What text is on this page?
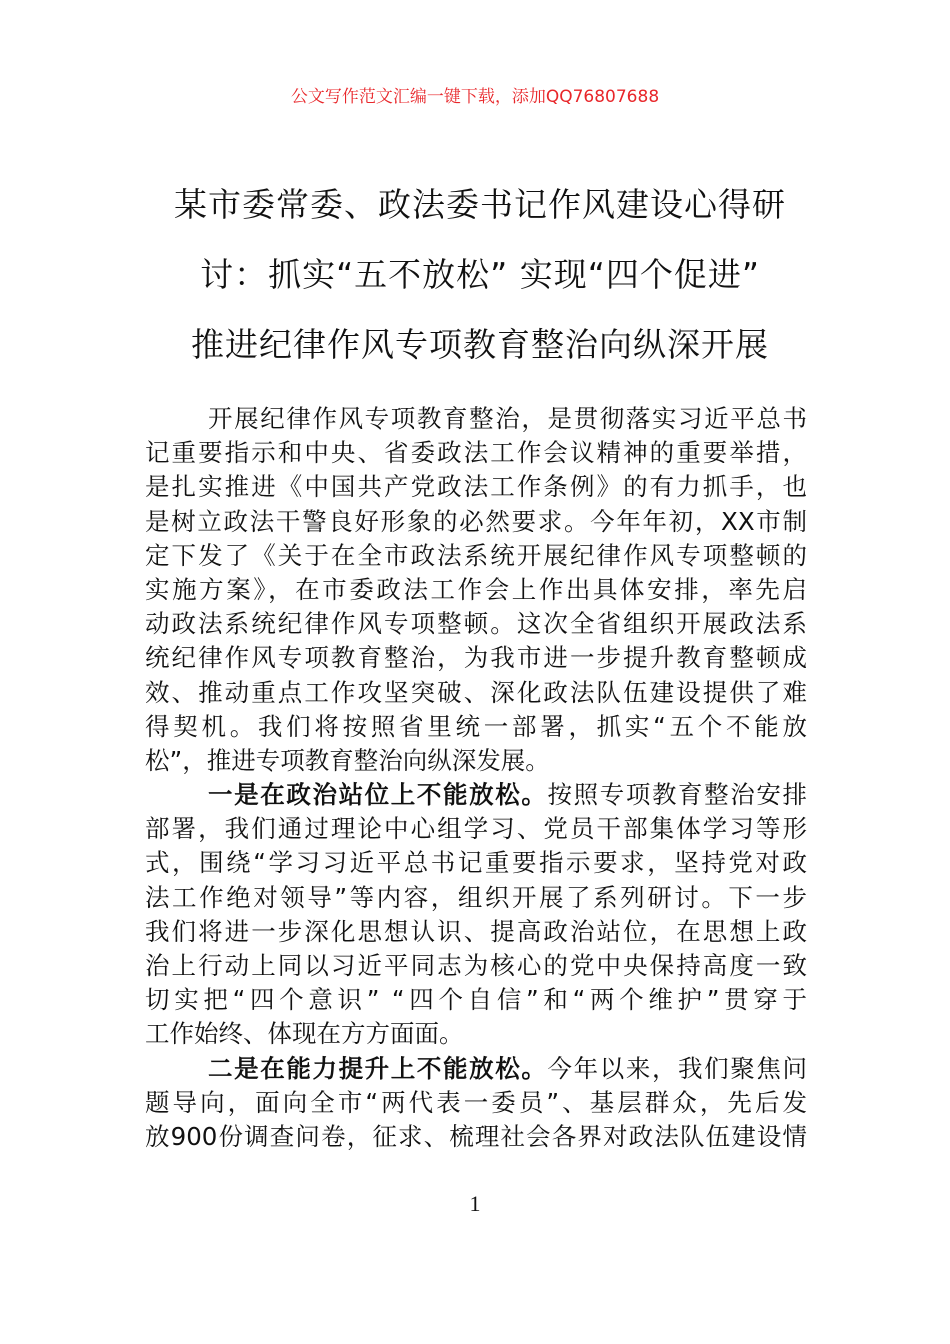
公文写作范文汇编一键下载，添加QQ76807688
某市委常委、政法委书记作风建设心得研
讨：抓实“五不放松” 实现“四个促进”
推进纪律作风专项教育整治向纵深开展
开展纪律作风专项教育整治，是贯彻落实习近平总书
记重要指示和中央、省委政法工作会议精神的重要举措，
是扎实推进《中国共产党政法工作条例》的有力抓手，也
是树立政法干警良好形象的必然要求。今年年初，XX市制
定下发了《关于在全市政法系统开展纪律作风专项整顿的
实施方案》，在市委政法工作会上作出具体安排，率先启
动政法系统纪律作风专项整顿。这次全省组织开展政法系
统纪律作风专项教育整治，为我市进一步提升教育整顿成
效、推动重点工作攻坚突破、深化政法队伍建设提供了难
得契机。我们将按照省里统一部署，抓实“五个不能放
松”，推进专项教育整治向纵深发展。
一是在政治站位上不能放松。按照专项教育整治安排
部署，我们通过理论中心组学习、党员干部集体学习等形
式，围绕“学习习近平总书记重要指示要求，坚持党对政
法工作绝对领导”等内容，组织开展了系列研讨。下一步
我们将进一步深化思想认识、提高政治站位，在思想上政
治上行动上同以习近平同志为核心的党中央保持高度一致
切实把“四个意识” “四个自信”和“两个维护”贯穿于
工作始终、体现在方方面面。
二是在能力提升上不能放松。今年以来，我们聚焦问
题导向，面向全市“两代表一委员”、基层群众，先后发
放900份调查问卷，征求、梳理社会各界对政法队伍建设情
1
